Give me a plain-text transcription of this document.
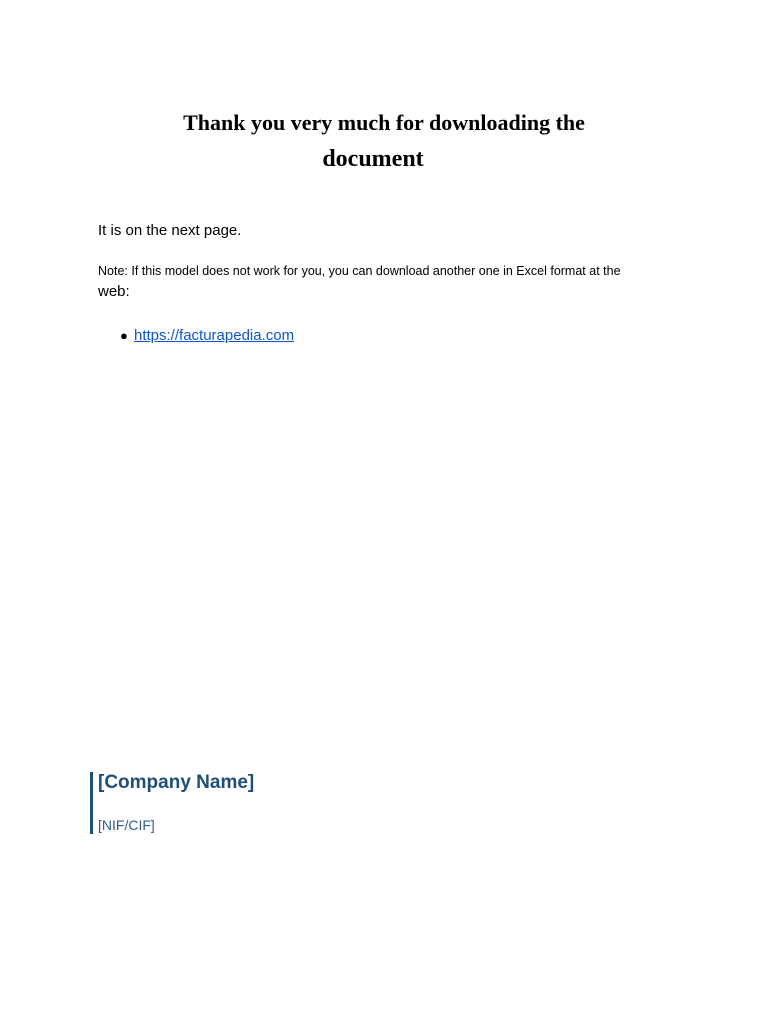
Thank you very much for downloading the
document
It is on the next page.
Note: If this model does not work for you, you can download another one in Excel format at the
web:
● https://facturapedia.com
[Company Name]
[NIF/CIF]
